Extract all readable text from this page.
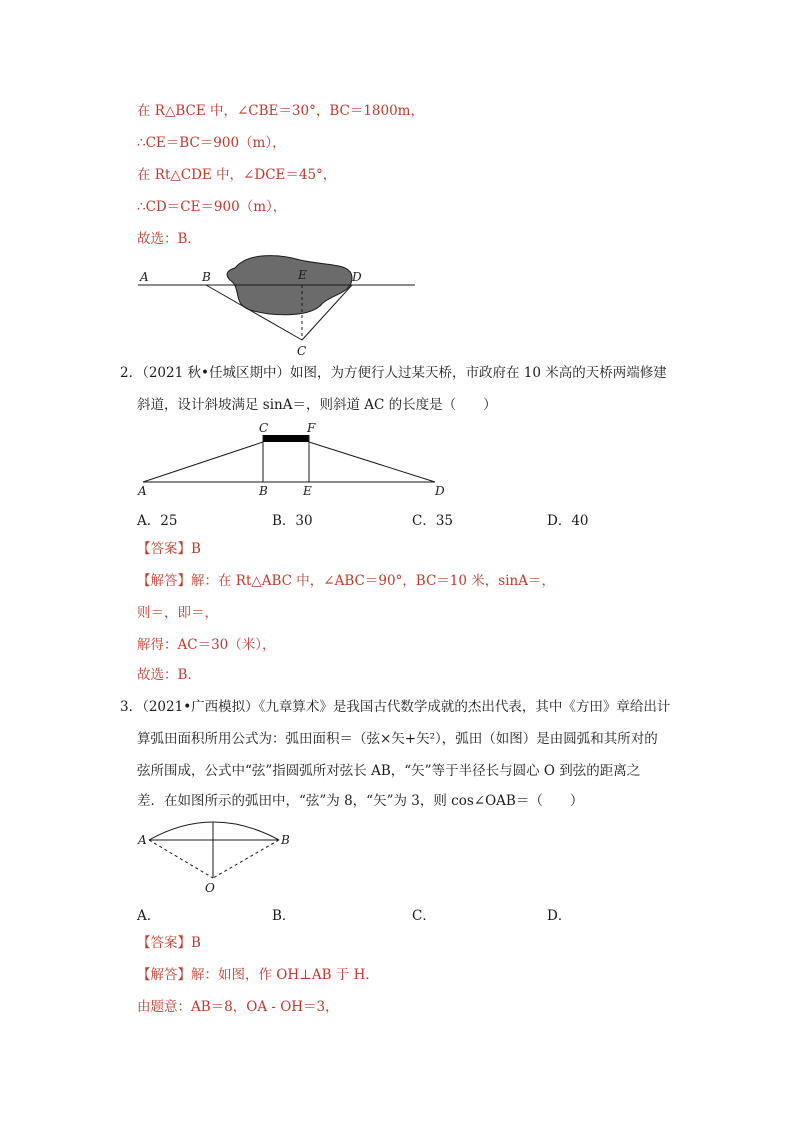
在 R△BCE 中，∠CBE＝30°，BC＝1800m，
∴CE＝BC＝900（m），
在 Rt△CDE 中，∠DCE＝45°，
∴CD＝CE＝900（m），
故选：B．
A	B	E	D
C
2．（2021 秋•任城区期中）如图，为方便行人过某天桥，市政府在 10 米高的天桥两端修建
斜道，设计斜坡满足 sinA＝，则斜道 AC 的长度是（　　）
C	F
A	B	E	D
A．25	B．30	C．35	D．40
【答案】B
【解答】解：在 Rt△ABC 中，∠ABC＝90°，BC＝10 米，sinA＝，
则＝，即＝，
解得：AC＝30（米），
故选：B．
3．（2021•广西模拟）《九章算术》是我国古代数学成就的杰出代表，其中《方田》章给出计
算弧田面积所用公式为：弧田面积＝（弦×矢+矢²），弧田（如图）是由圆弧和其所对的
弦所围成，公式中“弦”指圆弧所对弦长 AB，“矢”等于半径长与圆心 O 到弦的距离之
差．在如图所示的弧田中，“弦”为 8，“矢”为 3，则 cos∠OAB＝（　　）
A	B
O
A．	B．	C．	D．
【答案】B
【解答】解：如图，作 OH⊥AB 于 H．
由题意：AB＝8，OA - OH＝3，
